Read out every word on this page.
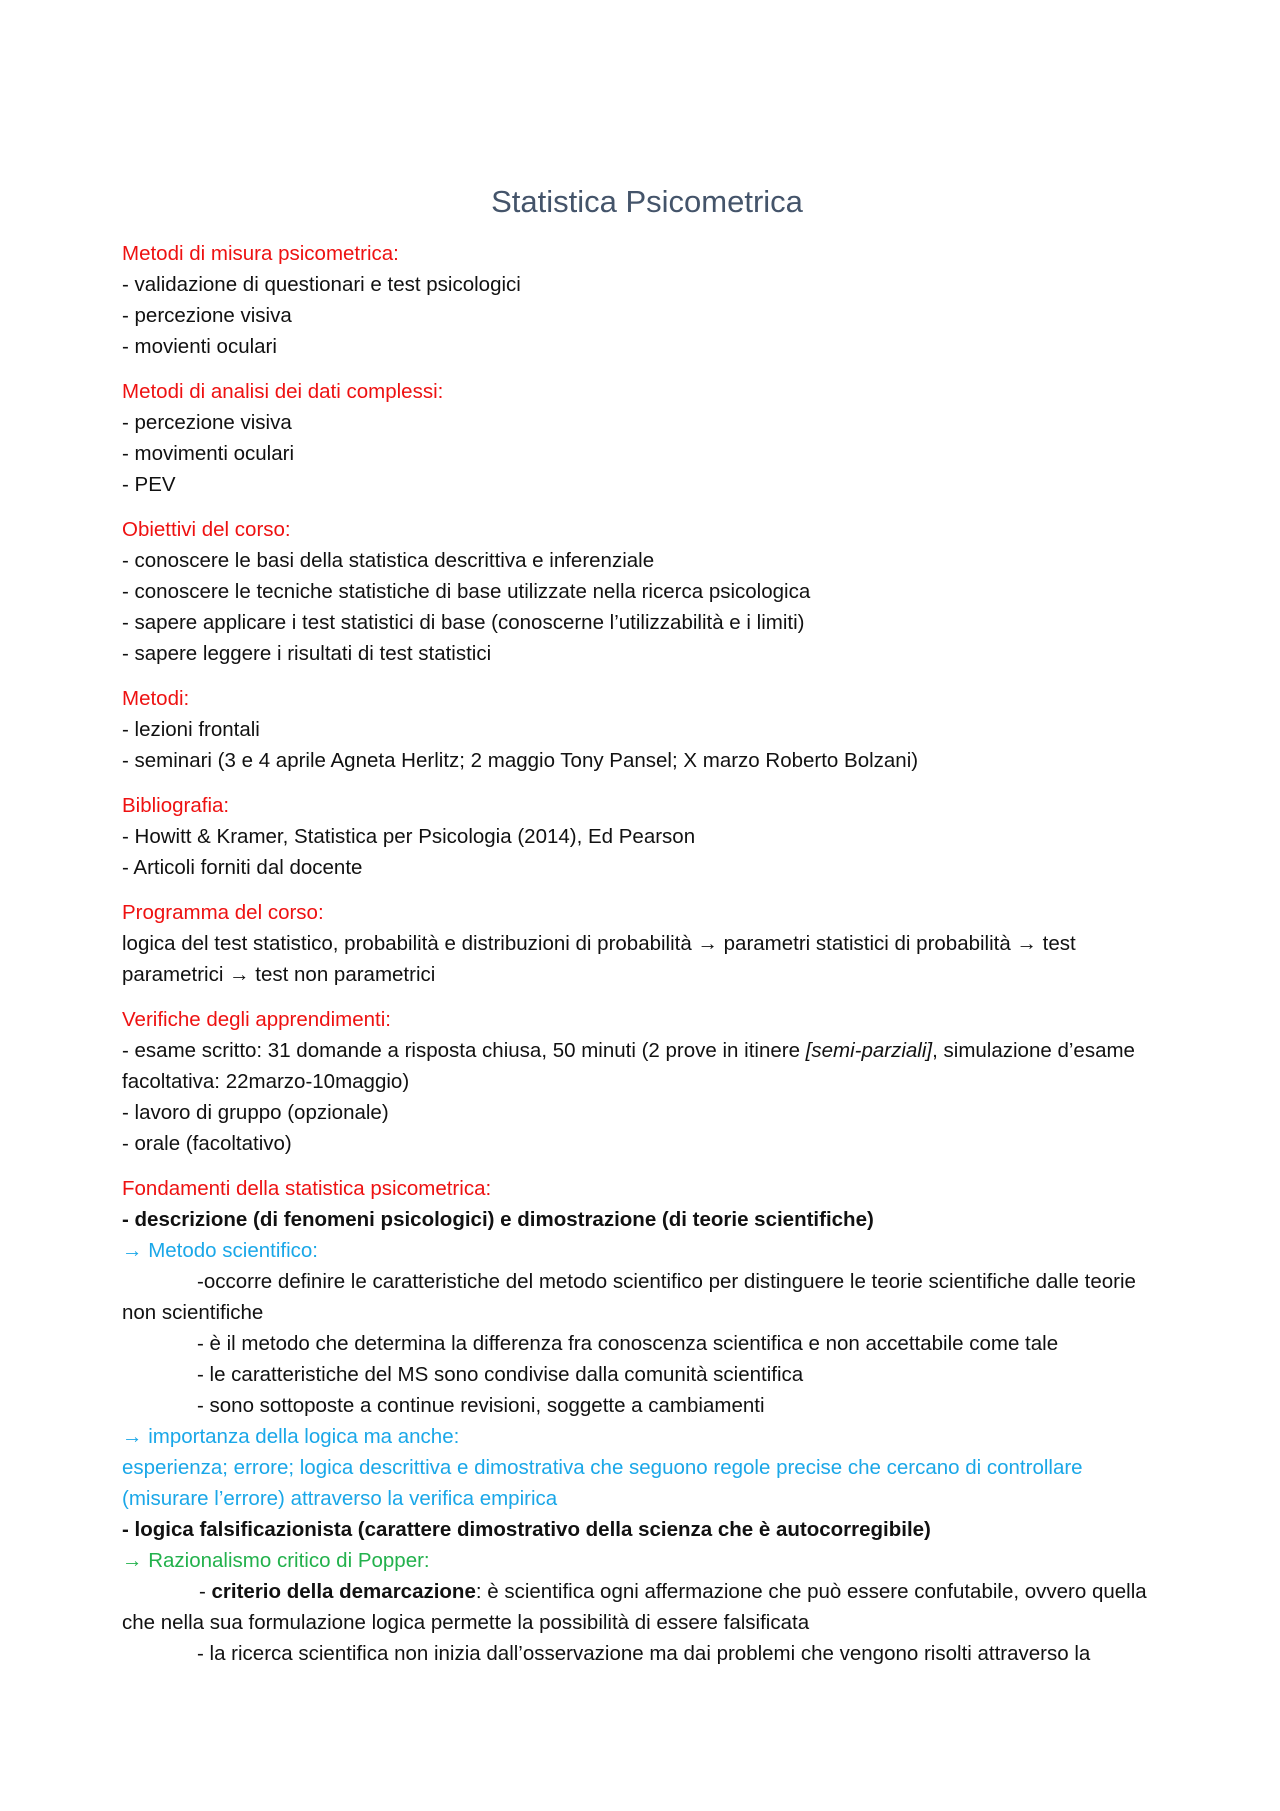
Statistica Psicometrica
Metodi di misura psicometrica:
- validazione di questionari e test psicologici
- percezione visiva
- movienti oculari
Metodi di analisi dei dati complessi:
- percezione visiva
- movimenti oculari
- PEV
Obiettivi del corso:
- conoscere le basi della statistica descrittiva e inferenziale
- conoscere le tecniche statistiche di base utilizzate nella ricerca psicologica
- sapere applicare i test statistici di base (conoscerne l’utilizzabilità e i limiti)
- sapere leggere i risultati di test statistici
Metodi:
- lezioni frontali
- seminari (3 e 4 aprile Agneta Herlitz; 2 maggio Tony Pansel; X marzo Roberto Bolzani)
Bibliografia:
- Howitt & Kramer, Statistica per Psicologia (2014), Ed Pearson
- Articoli forniti dal docente
Programma del corso:
logica del test statistico, probabilità e distribuzioni di probabilità → parametri statistici di probabilità → test parametrici → test non parametrici
Verifiche degli apprendimenti:
- esame scritto: 31 domande a risposta chiusa, 50 minuti (2 prove in itinere [semi-parziali], simulazione d’esame facoltativa: 22marzo-10maggio)
- lavoro di gruppo (opzionale)
- orale (facoltativo)
Fondamenti della statistica psicometrica:
- descrizione (di fenomeni psicologici) e dimostrazione (di teorie scientifiche)
→ Metodo scientifico:
-occorre definire le caratteristiche del metodo scientifico per distinguere le teorie scientifiche dalle teorie non scientifiche
- è il metodo che determina la differenza fra conoscenza scientifica e non accettabile come tale
- le caratteristiche del MS sono condivise dalla comunità scientifica
- sono sottoposte a continue revisioni, soggette a cambiamenti
→ importanza della logica ma anche:
esperienza; errore; logica descrittiva e dimostrativa che seguono regole precise che cercano di controllare (misurare l’errore) attraverso la verifica empirica
- logica falsificazionista (carattere dimostrativo della scienza che è autocorregibile)
→ Razionalismo critico di Popper:
- criterio della demarcazione: è scientifica ogni affermazione che può essere confutabile, ovvero quella che nella sua formulazione logica permette la possibilità di essere falsificata
- la ricerca scientifica non inizia dall’osservazione ma dai problemi che vengono risolti attraverso la
